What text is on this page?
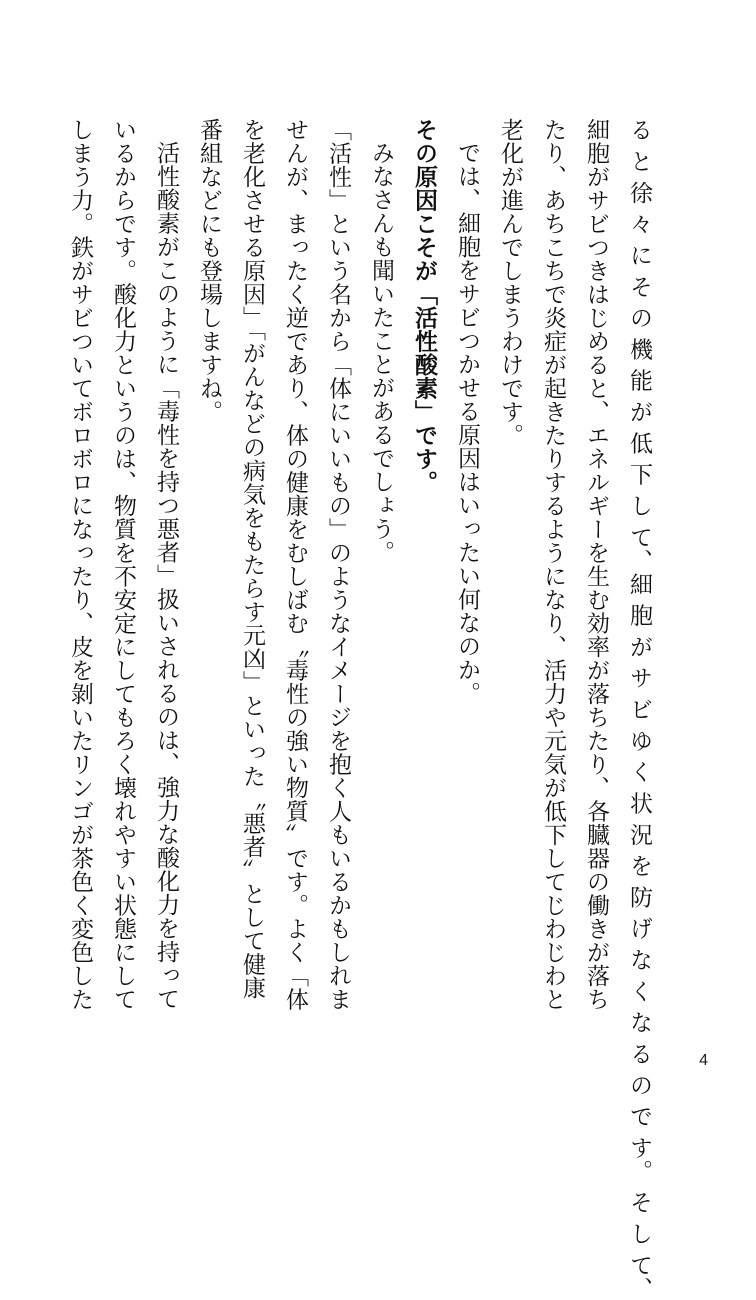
る と 徐 々 に そ の 機 能 が 低 下 し て、細 胞 が サ ビ ゆ く 状 況 を 防 げ な く な る の で す。 そ し て、
細胞がサビつきはじめると、エネルギーを生む効率が落ちたり、各臓器の働きが落ち
たり、あちこちで炎症が起きたりするようになり、活力や元気が低下してじわじわと
老化が進んでしまうわけです。
では、細胞をサビつかせる原因はいったい何なのか。
その原因こそが「活性酸素」です。
みなさんも聞いたことがあるでしょう。
「活性」という名から「体にいいもの」のようなイメージを抱く人もいるかもしれま
せんが、まったく逆であり、体の健康をむしばむ〝毒性の強い物質〟です。よく「体
を老化させる原因」「がんなどの病気をもたらす元凶」といった〝悪者〟として健康
番組などにも登場しますね。
活性酸素がこのように「毒性を持つ悪者」扱いされるのは、強力な酸化力を持って
いるからです。酸化力というのは、物質を不安定にしてもろく壊れやすい状態にして
しまう力。鉄がサビついてボロボロになったり、皮を剝いたリンゴが茶色く変色した
4
